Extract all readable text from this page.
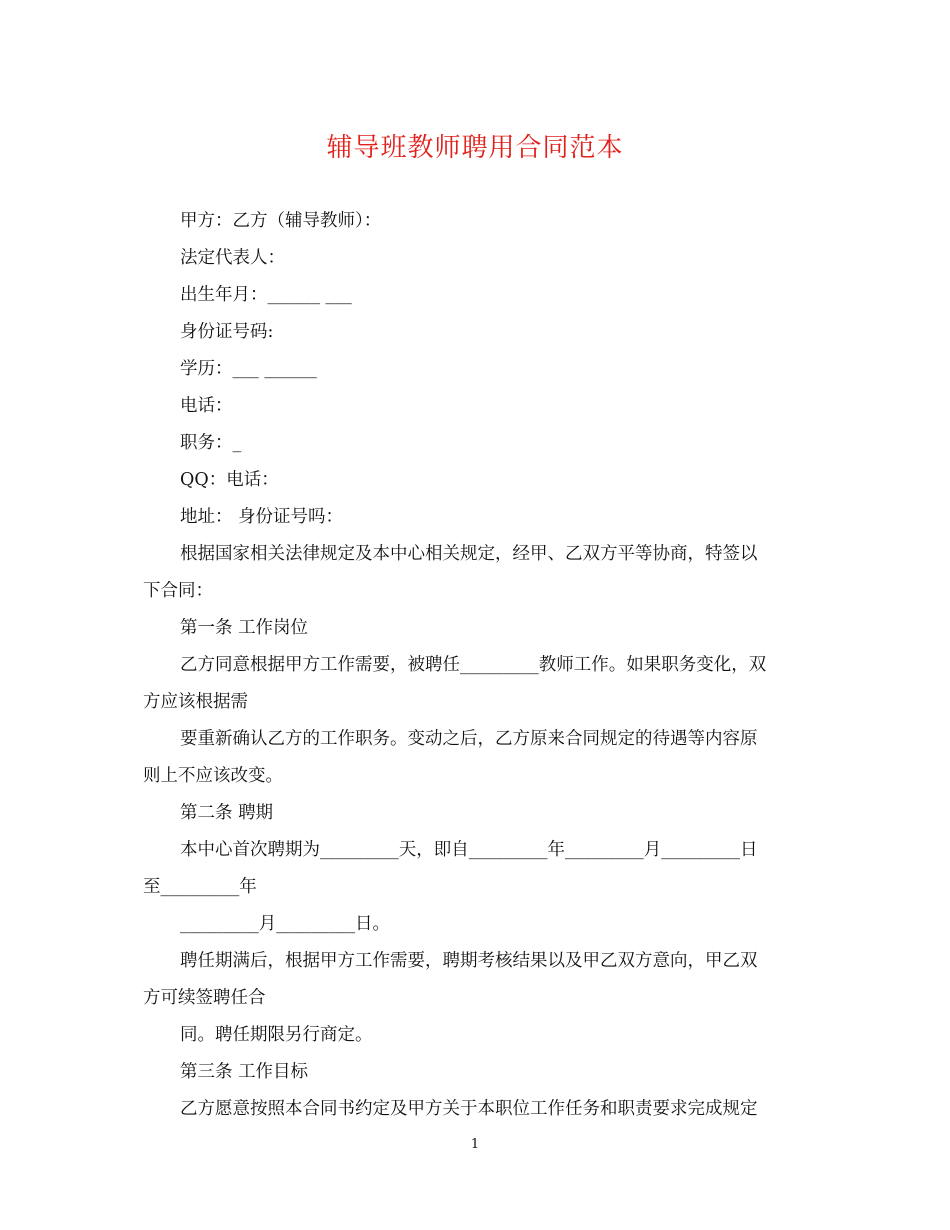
辅导班教师聘用合同范本
甲方：乙方（辅导教师）：
法定代表人：
出生年月：______ ___
身份证号码:
学历：___ ______
电话：
职务：_
QQ：电话：
地址： 身份证号吗：
根据国家相关法律规定及本中心相关规定，经甲、乙双方平等协商，特签以
下合同：
第一条 工作岗位
乙方同意根据甲方工作需要，被聘任_________教师工作。如果职务变化，双
方应该根据需
要重新确认乙方的工作职务。变动之后，乙方原来合同规定的待遇等内容原
则上不应该改变。
第二条 聘期
本中心首次聘期为_________天，即自_________年_________月_________日
至_________年
_________月_________日。
聘任期满后，根据甲方工作需要，聘期考核结果以及甲乙双方意向，甲乙双
方可续签聘任合
同。聘任期限另行商定。
第三条 工作目标
乙方愿意按照本合同书约定及甲方关于本职位工作任务和职责要求完成规定
1
